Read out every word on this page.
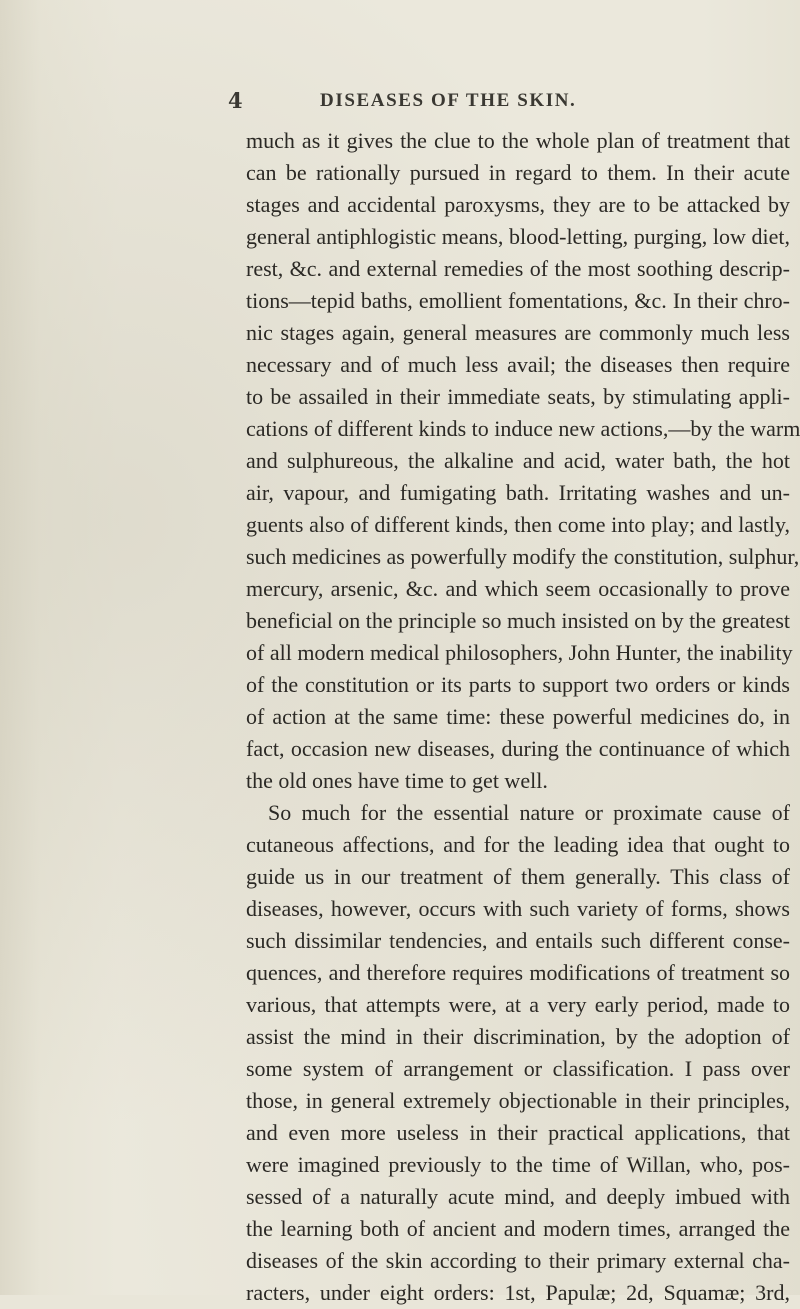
4	DISEASES OF THE SKIN.
much as it gives the clue to the whole plan of treatment that
can be rationally pursued in regard to them. In their acute
stages and accidental paroxysms, they are to be attacked by
general antiphlogistic means, blood-letting, purging, low diet,
rest, &c. and external remedies of the most soothing descrip-
tions—tepid baths, emollient fomentations, &c. In their chro-
nic stages again, general measures are commonly much less
necessary and of much less avail; the diseases then require
to be assailed in their immediate seats, by stimulating appli-
cations of different kinds to induce new actions,—by the warm
and sulphureous, the alkaline and acid, water bath, the hot
air, vapour, and fumigating bath. Irritating washes and un-
guents also of different kinds, then come into play; and lastly,
such medicines as powerfully modify the constitution, sulphur,
mercury, arsenic, &c. and which seem occasionally to prove
beneficial on the principle so much insisted on by the greatest
of all modern medical philosophers, John Hunter, the inability
of the constitution or its parts to support two orders or kinds
of action at the same time: these powerful medicines do, in
fact, occasion new diseases, during the continuance of which
the old ones have time to get well.
So much for the essential nature or proximate cause of
cutaneous affections, and for the leading idea that ought to
guide us in our treatment of them generally. This class of
diseases, however, occurs with such variety of forms, shows
such dissimilar tendencies, and entails such different conse-
quences, and therefore requires modifications of treatment so
various, that attempts were, at a very early period, made to
assist the mind in their discrimination, by the adoption of
some system of arrangement or classification. I pass over
those, in general extremely objectionable in their principles,
and even more useless in their practical applications, that
were imagined previously to the time of Willan, who, pos-
sessed of a naturally acute mind, and deeply imbued with
the learning both of ancient and modern times, arranged the
diseases of the skin according to their primary external cha-
racters, under eight orders: 1st, Papulæ; 2d, Squamæ; 3rd,
